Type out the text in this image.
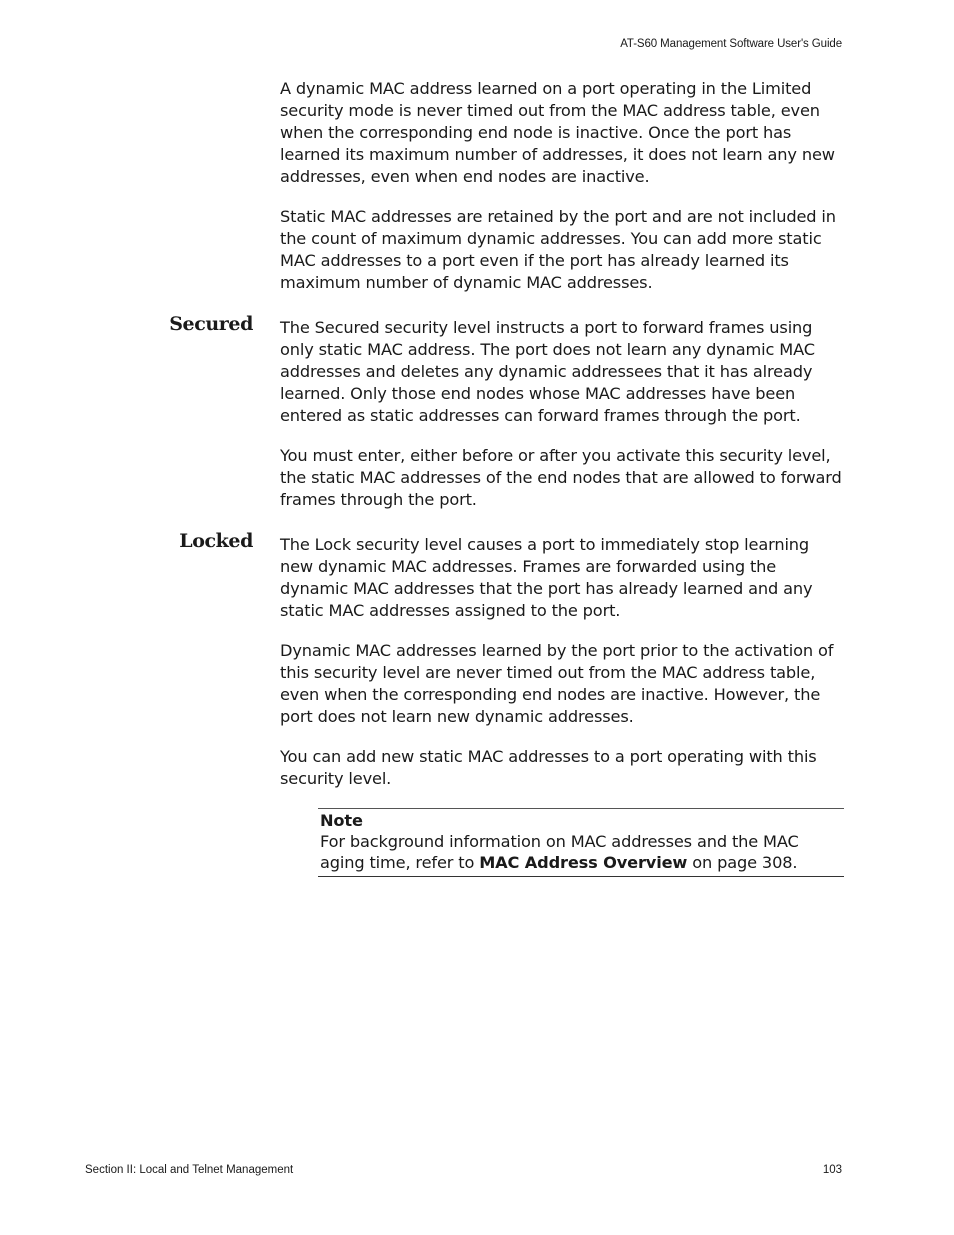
AT-S60 Management Software User's Guide

A dynamic MAC address learned on a port operating in the Limited security mode is never timed out from the MAC address table, even when the corresponding end node is inactive. Once the port has learned its maximum number of addresses, it does not learn any new addresses, even when end nodes are inactive.

Static MAC addresses are retained by the port and are not included in the count of maximum dynamic addresses. You can add more static MAC addresses to a port even if the port has already learned its maximum number of dynamic MAC addresses.

Secured The Secured security level instructs a port to forward frames using only static MAC address. The port does not learn any dynamic MAC addresses and deletes any dynamic addressees that it has already learned. Only those end nodes whose MAC addresses have been entered as static addresses can forward frames through the port.

You must enter, either before or after you activate this security level, the static MAC addresses of the end nodes that are allowed to forward frames through the port.

Locked The Lock security level causes a port to immediately stop learning new dynamic MAC addresses. Frames are forwarded using the dynamic MAC addresses that the port has already learned and any static MAC addresses assigned to the port.

Dynamic MAC addresses learned by the port prior to the activation of this security level are never timed out from the MAC address table, even when the corresponding end nodes are inactive. However, the port does not learn new dynamic addresses.

You can add new static MAC addresses to a port operating with this security level.

Note
For background information on MAC addresses and the MAC aging time, refer to MAC Address Overview on page 308.
Section II: Local and Telnet Management	103
